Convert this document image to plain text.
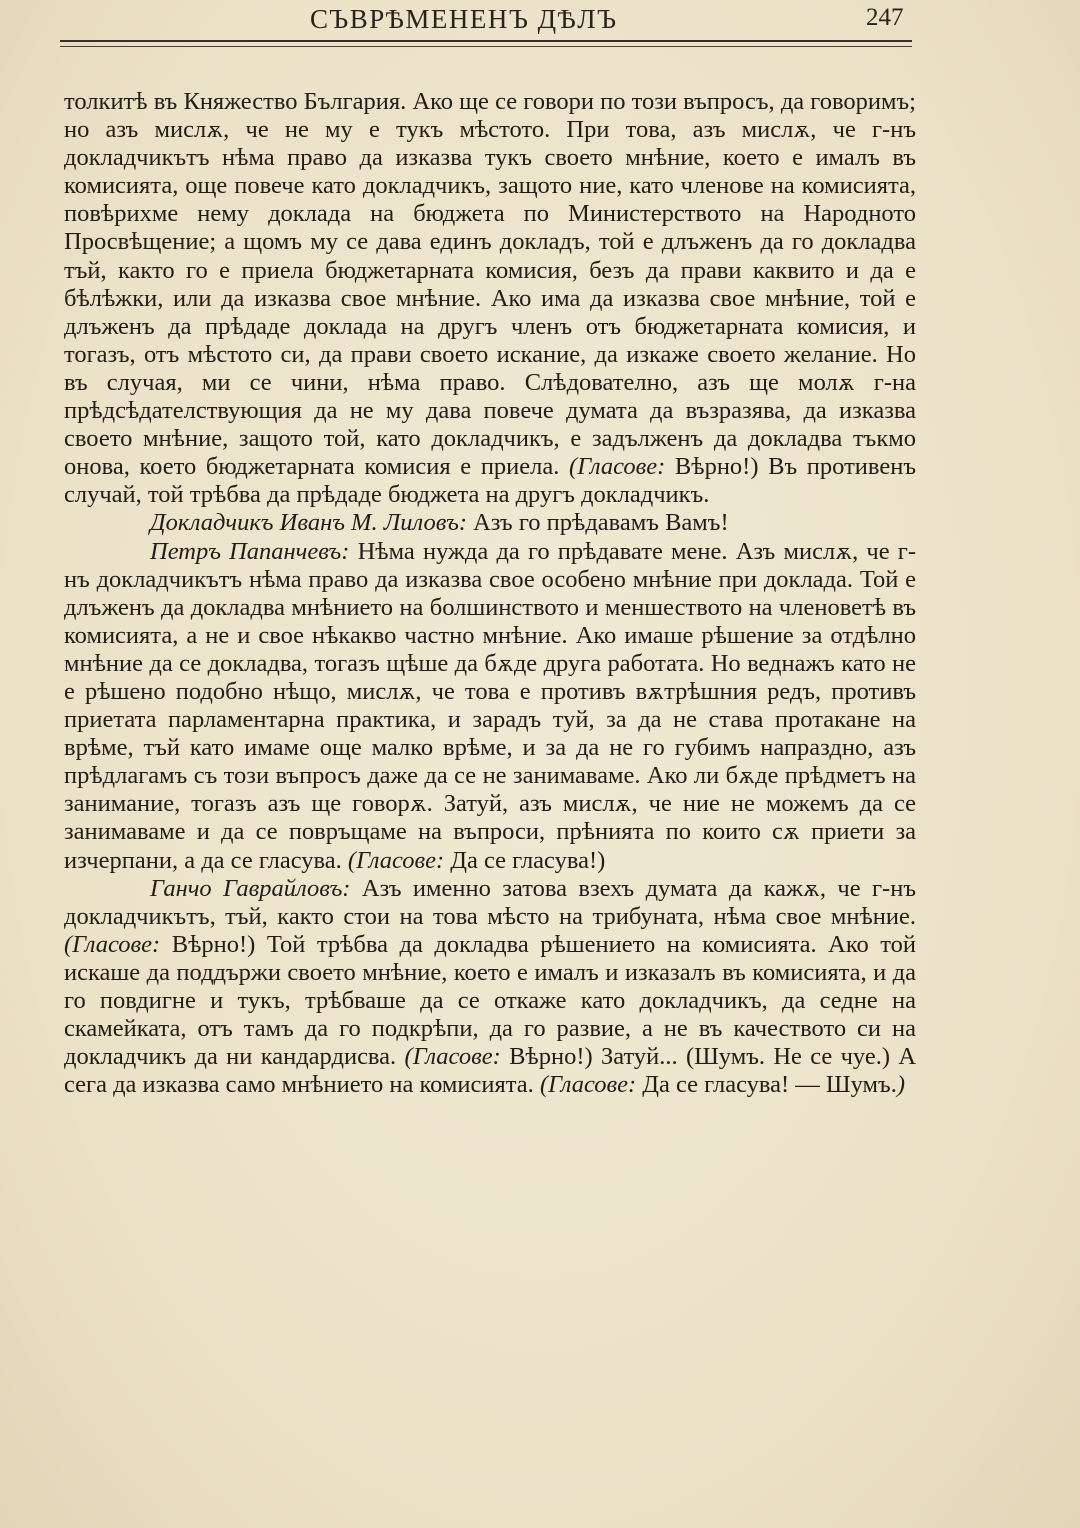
СЪВРѢМЕНЕНЪ ДѢЛЪ	247

толкитѣ въ Княжество България. Ако ще се говори по този въпросъ, да говоримъ; но азъ мислѫ, че не му е тукъ мѣстото. При това, азъ мислѫ, че г-нъ докладчикътъ нѣма право да изказва тукъ своето мнѣние, което е ималъ въ комисията, още повече като докладчикъ, защото ние, като членове на комисията, повѣрихме нему доклада на бюджета по Министерството на Народното Просвѣщение; а щомъ му се дава единъ докладъ, той е длъженъ да го докладва тъй, както го е приела бюджетарната комисия, безъ да прави каквито и да е бѣлѣжки, или да изказва свое мнѣние. Ако има да изказва свое мнѣние, той е длъженъ да прѣдаде доклада на другъ членъ отъ бюджетарната комисия, и тогазъ, отъ мѣстото си, да прави своето искание, да изкаже своето желание. Но въ случая, ми се чини, нѣма право. Слѣдователно, азъ ще молѫ г-на прѣдсѣдателствующия да не му дава повече думата да възразява, да изказва своето мнѣние, защото той, като докладчикъ, е задълженъ да докладва тъкмо онова, което бюджетарната комисия е приела. (Гласове: Вѣрно!) Въ противенъ случай, той трѣбва да прѣдаде бюджета на другъ докладчикъ.

Докладчикъ Иванъ М. Лиловъ: Азъ го прѣдавамъ Вамъ!

Петръ Папанчевъ: Нѣма нужда да го прѣдавате мене. Азъ мислѫ, че г-нъ докладчикътъ нѣма право да изказва свое особено мнѣние при доклада. Той е длъженъ да докладва мнѣнието на болшинството и меншеството на членоветѣ въ комисията, а не и свое нѣкакво частно мнѣние. Ако имаше рѣшение за отдѣлно мнѣние да се докладва, тогазъ щѣше да бѫде друга работата. Но веднажъ като не е рѣшено подобно нѣщо, мислѫ, че това е противъ вѫтрѣшния редъ, противъ приетата парламентарна практика, и зарадъ туй, за да не става протакане на врѣме, тъй като имаме още малко врѣме, и за да не го губимъ напраздно, азъ прѣдлагамъ съ този въпросъ даже да се не занимаваме. Ако ли бѫде прѣдметъ на занимание, тогазъ азъ ще говорѫ. Затуй, азъ мислѫ, че ние не можемъ да се занимаваме и да се повръщаме на въпроси, прѣнията по които сѫ приети за изчерпани, а да се гласува. (Гласове: Да се гласува!)

Ганчо Гаврайловъ: Азъ именно затова взехъ думата да кажѫ, че г-нъ докладчикътъ, тъй, както стои на това мѣсто на трибуната, нѣма свое мнѣние. (Гласове: Вѣрно!) Той трѣбва да докладва рѣшението на комисията. Ако той искаше да поддържи своето мнѣние, което е ималъ и изказалъ въ комисията, и да го повдигне и тукъ, трѣбваше да се откаже като докладчикъ, да седне на скамейката, отъ тамъ да го подкрѣпи, да го развие, а не въ качеството си на докладчикъ да ни кандардисва. (Гласове: Вѣрно!) Затуй... (Шумъ. Не се чуе.) А сега да изказва само мнѣнието на комисията. (Гласове: Да се гласува! — Шумъ.)
